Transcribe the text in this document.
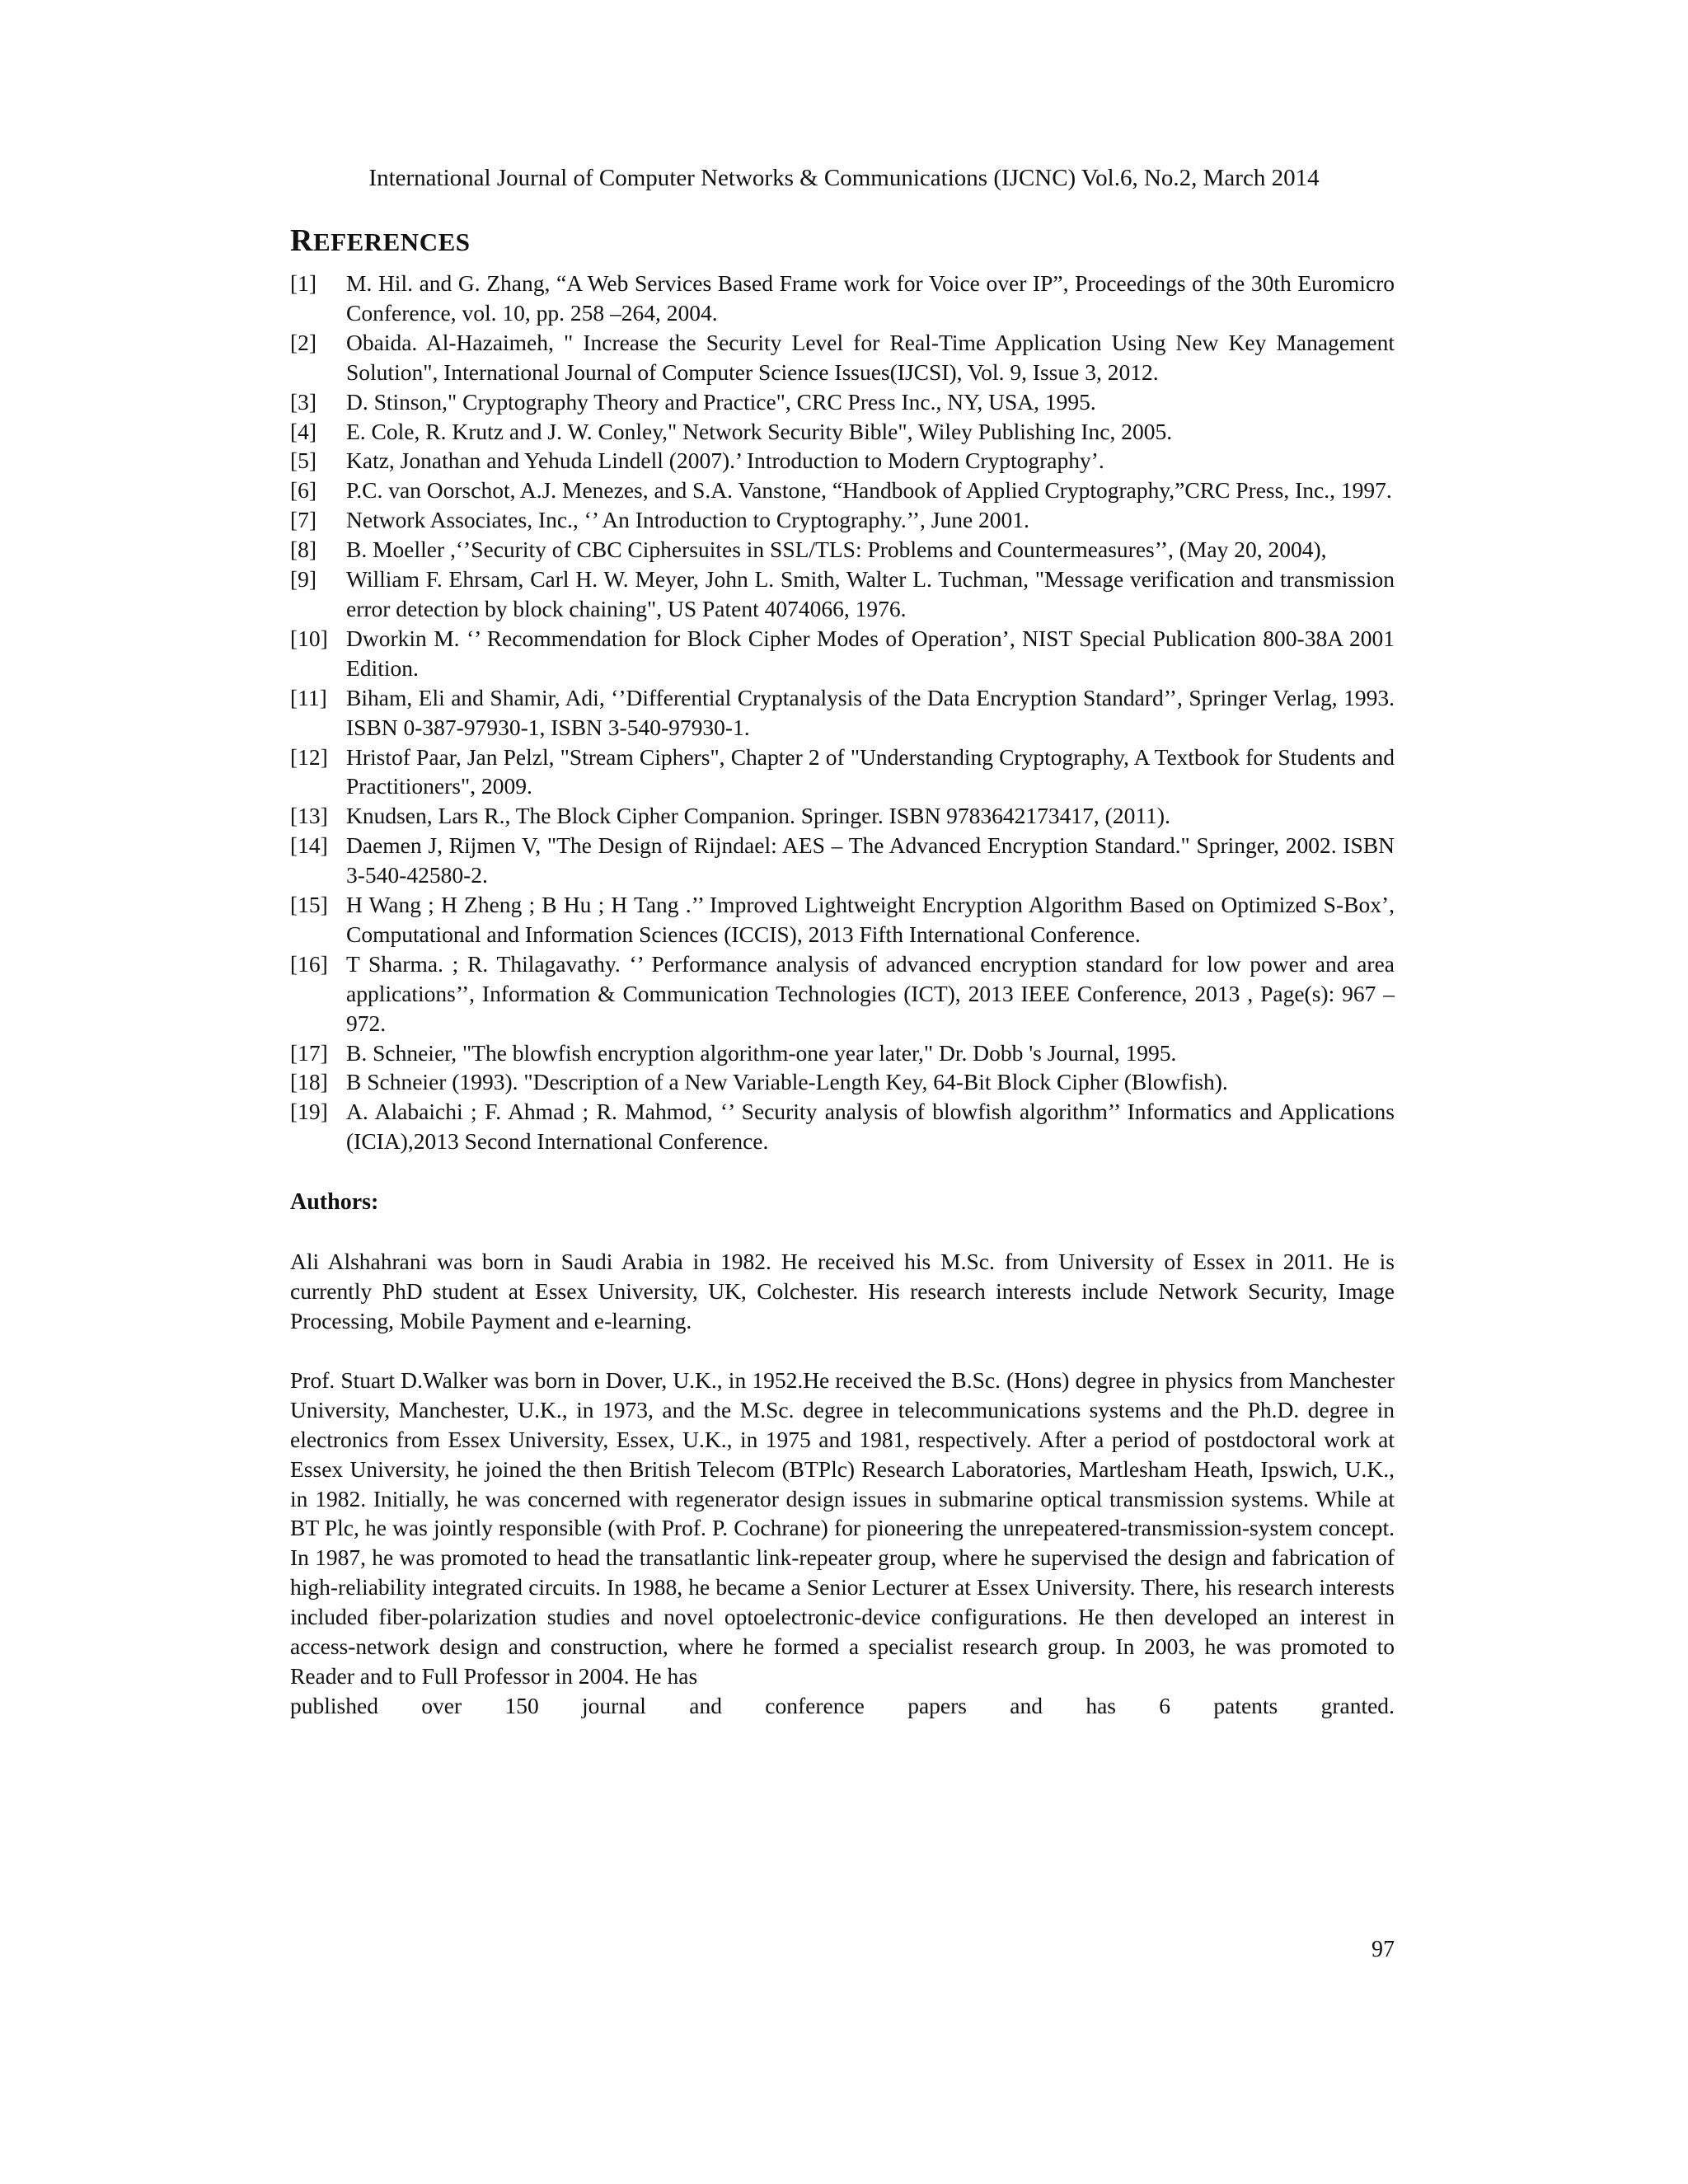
International Journal of Computer Networks & Communications (IJCNC) Vol.6, No.2, March 2014
REFERENCES
[1] M. Hil. and G. Zhang, “A Web Services Based Frame work for Voice over IP”, Proceedings of the 30th Euromicro Conference, vol. 10, pp. 258 –264, 2004.
[2] Obaida. Al-Hazaimeh, " Increase the Security Level for Real-Time Application Using New Key Management Solution", International Journal of Computer Science Issues(IJCSI), Vol. 9, Issue 3, 2012.
[3] D. Stinson," Cryptography Theory and Practice", CRC Press Inc., NY, USA, 1995.
[4] E. Cole, R. Krutz and J. W. Conley," Network Security Bible", Wiley Publishing Inc, 2005.
[5] Katz, Jonathan and Yehuda Lindell (2007).’ Introduction to Modern Cryptography’.
[6] P.C. van Oorschot, A.J. Menezes, and S.A. Vanstone, “Handbook of Applied Cryptography,”CRC Press, Inc., 1997.
[7] Network Associates, Inc., ‘’ An Introduction to Cryptography.’’, June 2001.
[8] B. Moeller ,‘’Security of CBC Ciphersuites in SSL/TLS: Problems and Countermeasures’’, (May 20, 2004),
[9] William F. Ehrsam, Carl H. W. Meyer, John L. Smith, Walter L. Tuchman, "Message verification and transmission error detection by block chaining", US Patent 4074066, 1976.
[10] Dworkin M. ‘’ Recommendation for Block Cipher Modes of Operation’, NIST Special Publication 800-38A 2001 Edition.
[11] Biham, Eli and Shamir, Adi, ‘’Differential Cryptanalysis of the Data Encryption Standard’’, Springer Verlag, 1993. ISBN 0-387-97930-1, ISBN 3-540-97930-1.
[12] Hristof Paar, Jan Pelzl, "Stream Ciphers", Chapter 2 of "Understanding Cryptography, A Textbook for Students and Practitioners", 2009.
[13] Knudsen, Lars R., The Block Cipher Companion. Springer. ISBN 9783642173417, (2011).
[14] Daemen J, Rijmen V, "The Design of Rijndael: AES – The Advanced Encryption Standard." Springer, 2002. ISBN 3-540-42580-2.
[15] H Wang ; H Zheng ; B Hu ; H Tang .’’ Improved Lightweight Encryption Algorithm Based on Optimized S-Box’, Computational and Information Sciences (ICCIS), 2013 Fifth International Conference.
[16] T Sharma. ; R. Thilagavathy. ‘’ Performance analysis of advanced encryption standard for low power and area applications’’, Information & Communication Technologies (ICT), 2013 IEEE Conference, 2013 , Page(s): 967 – 972.
[17] B. Schneier, "The blowfish encryption algorithm-one year later," Dr. Dobb 's Journal, 1995.
[18] B Schneier (1993). "Description of a New Variable-Length Key, 64-Bit Block Cipher (Blowfish).
[19] A. Alabaichi ; F. Ahmad ; R. Mahmod, ‘’ Security analysis of blowfish algorithm’’ Informatics and Applications (ICIA),2013 Second International Conference.
Authors:

Ali Alshahrani was born in Saudi Arabia in 1982. He received his M.Sc. from University of Essex in 2011. He is currently PhD student at Essex University, UK, Colchester. His research interests include Network Security, Image Processing, Mobile Payment and e-learning.

Prof. Stuart D.Walker was born in Dover, U.K., in 1952.He received the B.Sc. (Hons) degree in physics from Manchester University, Manchester, U.K., in 1973, and the M.Sc. degree in telecommunications systems and the Ph.D. degree in electronics from Essex University, Essex, U.K., in 1975 and 1981, respectively. After a period of postdoctoral work at Essex University, he joined the then British Telecom (BTPlc) Research Laboratories, Martlesham Heath, Ipswich, U.K., in 1982. Initially, he was concerned with regenerator design issues in submarine optical transmission systems. While at BT Plc, he was jointly responsible (with Prof. P. Cochrane) for pioneering the unrepeatered-transmission-system concept. In 1987, he was promoted to head the transatlantic link-repeater group, where he supervised the design and fabrication of high-reliability integrated circuits. In 1988, he became a Senior Lecturer at Essex University. There, his research interests included fiber-polarization studies and novel optoelectronic-device configurations. He then developed an interest in access-network design and construction, where he formed a specialist research group. In 2003, he was promoted to Reader and to Full Professor in 2004. He has

published over 150 journal and conference papers and has 6 patents granted.
97
